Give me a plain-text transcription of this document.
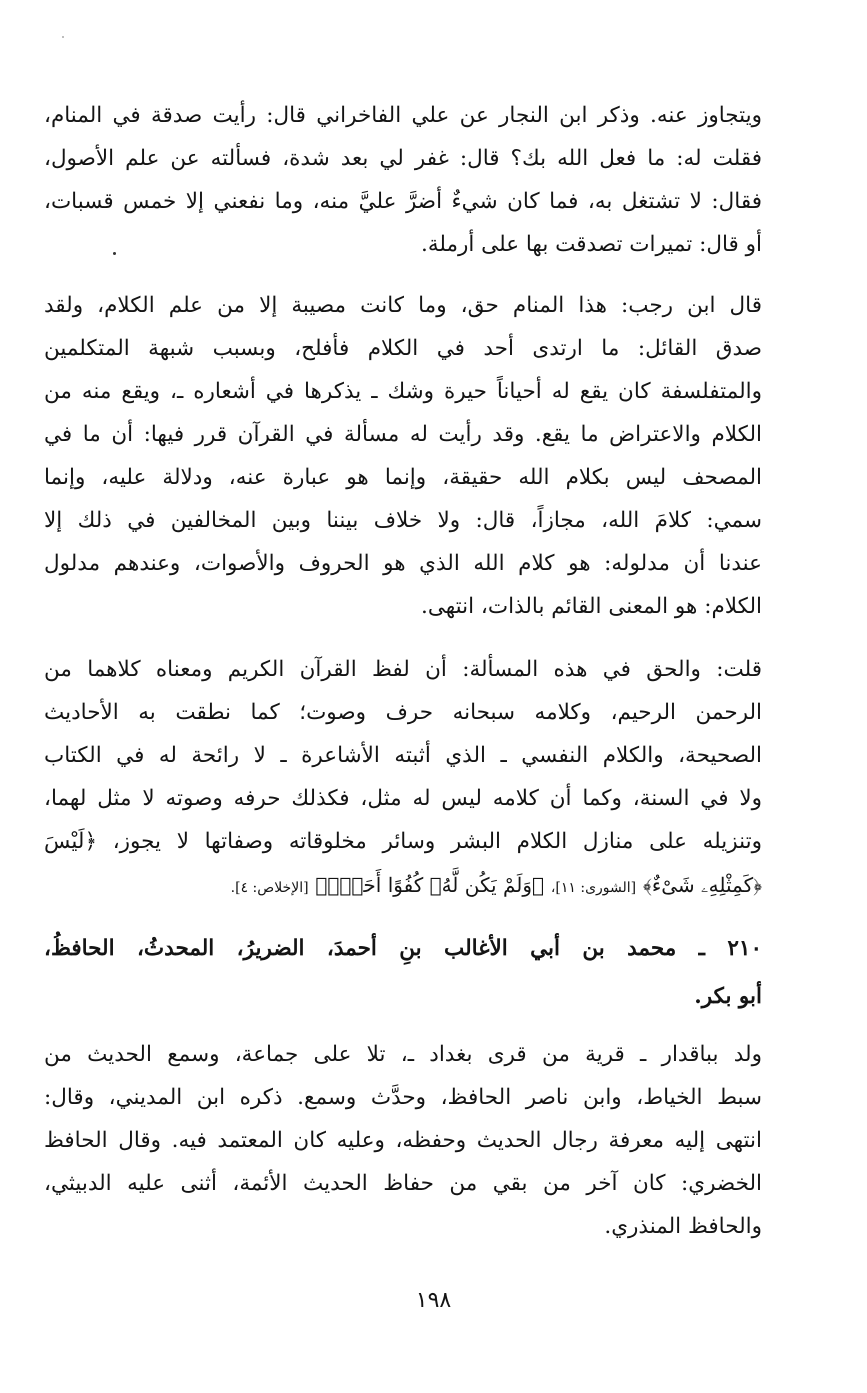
ويتجاوز عنه. وذكر ابن النجار عن علي الفاخراني قال: رأيت صدقة في المنام،
فقلت له: ما فعل الله بك؟ قال: غفر لي بعد شدة، فسألته عن علم الأصول،
فقال: لا تشتغل به، فما كان شيءٌ أضرَّ عليَّ منه، وما نفعني إلا خمس قسبات،
أو قال: تميرات تصدقت بها على أرملة.
قال ابن رجب: هذا المنام حق، وما كانت مصيبة إلا من علم الكلام، ولقد
صدق القائل: ما ارتدى أحد في الكلام فأفلح، وبسبب شبهة المتكلمين
والمتفلسفة كان يقع له أحياناً حيرة وشك ـ يذكرها في أشعاره ـ، ويقع منه من
الكلام والاعتراض ما يقع. وقد رأيت له مسألة في القرآن قرر فيها: أن ما في
المصحف ليس بكلام الله حقيقة، وإنما هو عبارة عنه، ودلالة عليه، وإنما
سمي: كلامَ الله، مجازاً، قال: ولا خلاف بيننا وبين المخالفين في ذلك إلا
عندنا أن مدلوله: هو كلام الله الذي هو الحروف والأصوات، وعندهم مدلول
الكلام: هو المعنى القائم بالذات، انتهى.
قلت: والحق في هذه المسألة: أن لفظ القرآن الكريم ومعناه كلاهما من
الرحمن الرحيم، وكلامه سبحانه حرف وصوت؛ كما نطقت به الأحاديث
الصحيحة، والكلام النفسي ـ الذي أثبته الأشاعرة ـ لا رائحة له في الكتاب
ولا في السنة، وكما أن كلامه ليس له مثل، فكذلك حرفه وصوته لا مثل لهما،
وتنزيله على منازل الكلام البشر وسائر مخلوقاته وصفاتها لا يجوز، ﴿لَيْسَ
﴿كَمِثْلِهِۦ شَىْءٌ﴾ [الشورى: ١١]، ﴿وَلَمْ يَكُن لَّهُۥ كُفُوًا أَحَدٌۢ﴾ [الإخلاص: ٤].
٢١٠ ـ محمد بن أبي الأغالب بنِ أحمدَ، الضريرُ، المحدثُ، الحافظُ،
أبو بكر.
ولد بباقدار ـ قرية من قرى بغداد ـ، تلا على جماعة، وسمع الحديث من
سبط الخياط، وابن ناصر الحافظ، وحدَّث وسمع. ذكره ابن المديني، وقال:
انتهى إليه معرفة رجال الحديث وحفظه، وعليه كان المعتمد فيه. وقال الحافظ
الخضري: كان آخر من بقي من حفاظ الحديث الأئمة، أثنى عليه الدبيثي،
والحافظ المنذري.
١٩٨
